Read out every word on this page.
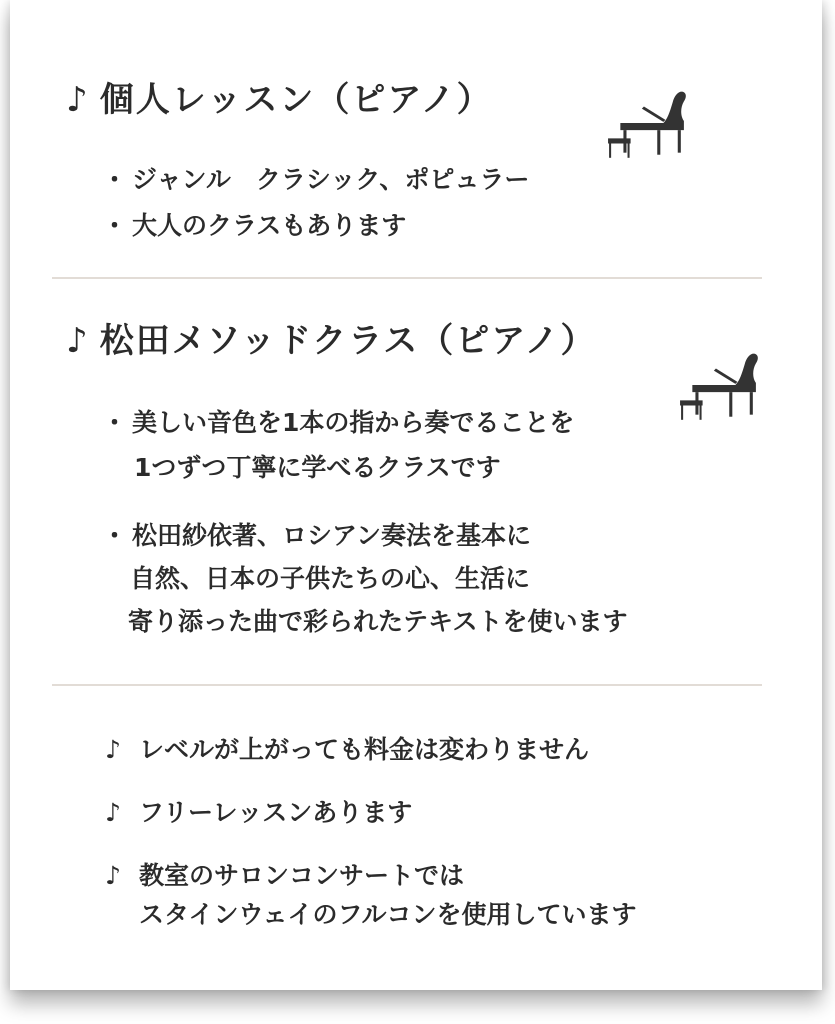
♪ 個人レッスン（ピアノ）
・ ジャンル　クラシック、ポピュラー
・ 大人のクラスもあります
♪ 松田メソッドクラス（ピアノ）
・ 美しい音色を1本の指から奏でることを
1つずつ丁寧に学べるクラスです
・ 松田紗依著、ロシアン奏法を基本に
自然、日本の子供たちの心、生活に
寄り添った曲で彩られたテキストを使います
♪ レベルが上がっても料金は変わりません
♪ フリーレッスンあります
♪ 教室のサロンコンサートでは
スタインウェイのフルコンを使用しています
